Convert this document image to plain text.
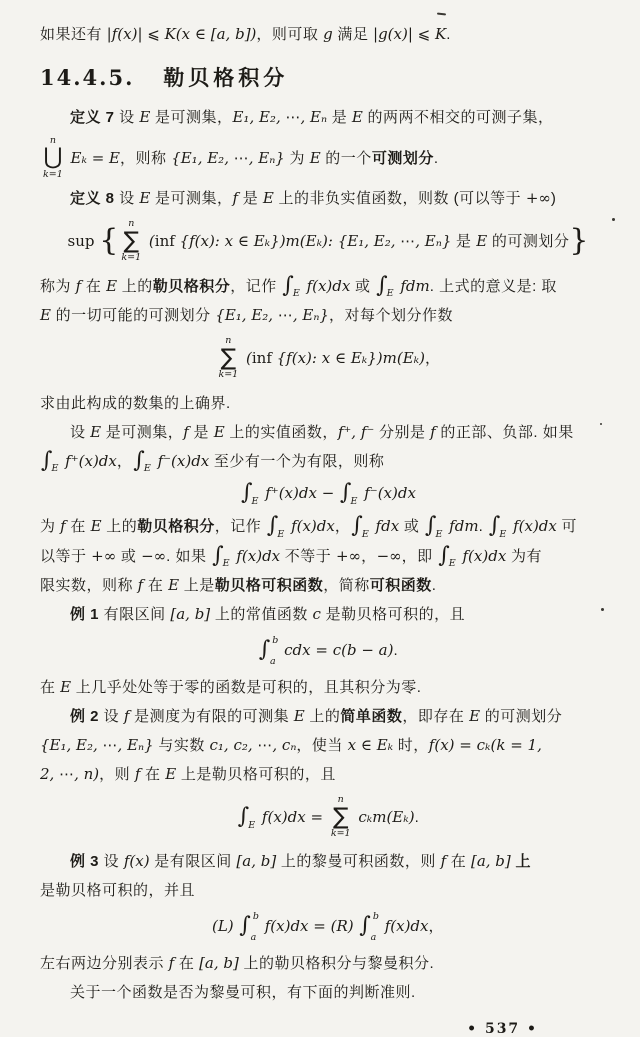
如果还有 |f(x)| ⩽ K(x ∈ [a, b])，则可取 g 满足 |g(x)| ⩽ K.
14.4.5. 勒贝格积分
定义 7 设 E 是可测集，E₁, E₂, ⋯, Eₙ 是 E 的两两不相交的可测子集，
n
⋃
k=1
Eₖ = E，则称 {E₁, E₂, ⋯, Eₙ} 为 E 的一个可测划分.
定义 8 设 E 是可测集，f 是 E 上的非负实值函数，则数 (可以等于 +∞)
sup { n
∑
k=1
(inf {f(x): x ∈ Eₖ})m(Eₖ): {E₁, E₂, ⋯, Eₙ} 是 E 的可测划分}
称为 f 在 E 上的勒贝格积分，记作 $\int_E$ f(x)dx 或 $\int_E$ fdm. 上式的意义是: 取
E 的一切可能的可测划分 {E₁, E₂, ⋯, Eₙ}，对每个划分作数
n
∑
k=1
(inf {f(x): x ∈ Eₖ})m(Eₖ)，
求由此构成的数集的上确界.
设 E 是可测集，f 是 E 上的实值函数，f⁺, f⁻ 分别是 f 的正部、负部. 如果
$\int_E$ f⁺(x)dx， $\int_E$ f⁻(x)dx 至少有一个为有限，则称
$\int_E$ $f^+(x)dx - \int_E$ f⁻(x)dx
为 f 在 E 上的勒贝格积分，记作 $\int_E$ f(x)dx， $\int_E$ fdx 或 $\int_E$ fdm. $\int_E$ f(x)dx 可
以等于 +∞ 或 −∞. 如果 $\int_E$ f(x)dx 不等于 +∞，−∞，即 $\int_E$ f(x)dx 为有
限实数，则称 f 在 E 上是勒贝格可积函数，简称可积函数.
例 1 有限区间 [a, b] 上的常值函数 c 是勒贝格可积的，且
∫ b
a
cdx = c(b − a).
在 E 上几乎处处等于零的函数是可积的，且其积分为零.
例 2 设 f 是测度为有限的可测集 E 上的简单函数，即存在 E 的可测划分
{E₁, E₂, ⋯, Eₙ} 与实数 c₁, c₂, ⋯, cₙ，使当 x ∈ Eₖ 时，f(x) = cₖ(k = 1,
2, ⋯, n)，则 f 在 E 上是勒贝格可积的，且
$\int_E$ f(x)dx =
n
∑
k=1
cₖm(Eₖ).
例 3 设 f(x) 是有限区间 [a, b] 上的黎曼可积函数，则 f 在 [a, b] 上
是勒贝格可积的，并且
(L) ∫ b
a
f(x)dx = (R) ∫ b
a
f(x)dx，
左右两边分别表示 f 在 [a, b] 上的勒贝格积分与黎曼积分.
关于一个函数是否为黎曼可积，有下面的判断准则.
• 537 •
